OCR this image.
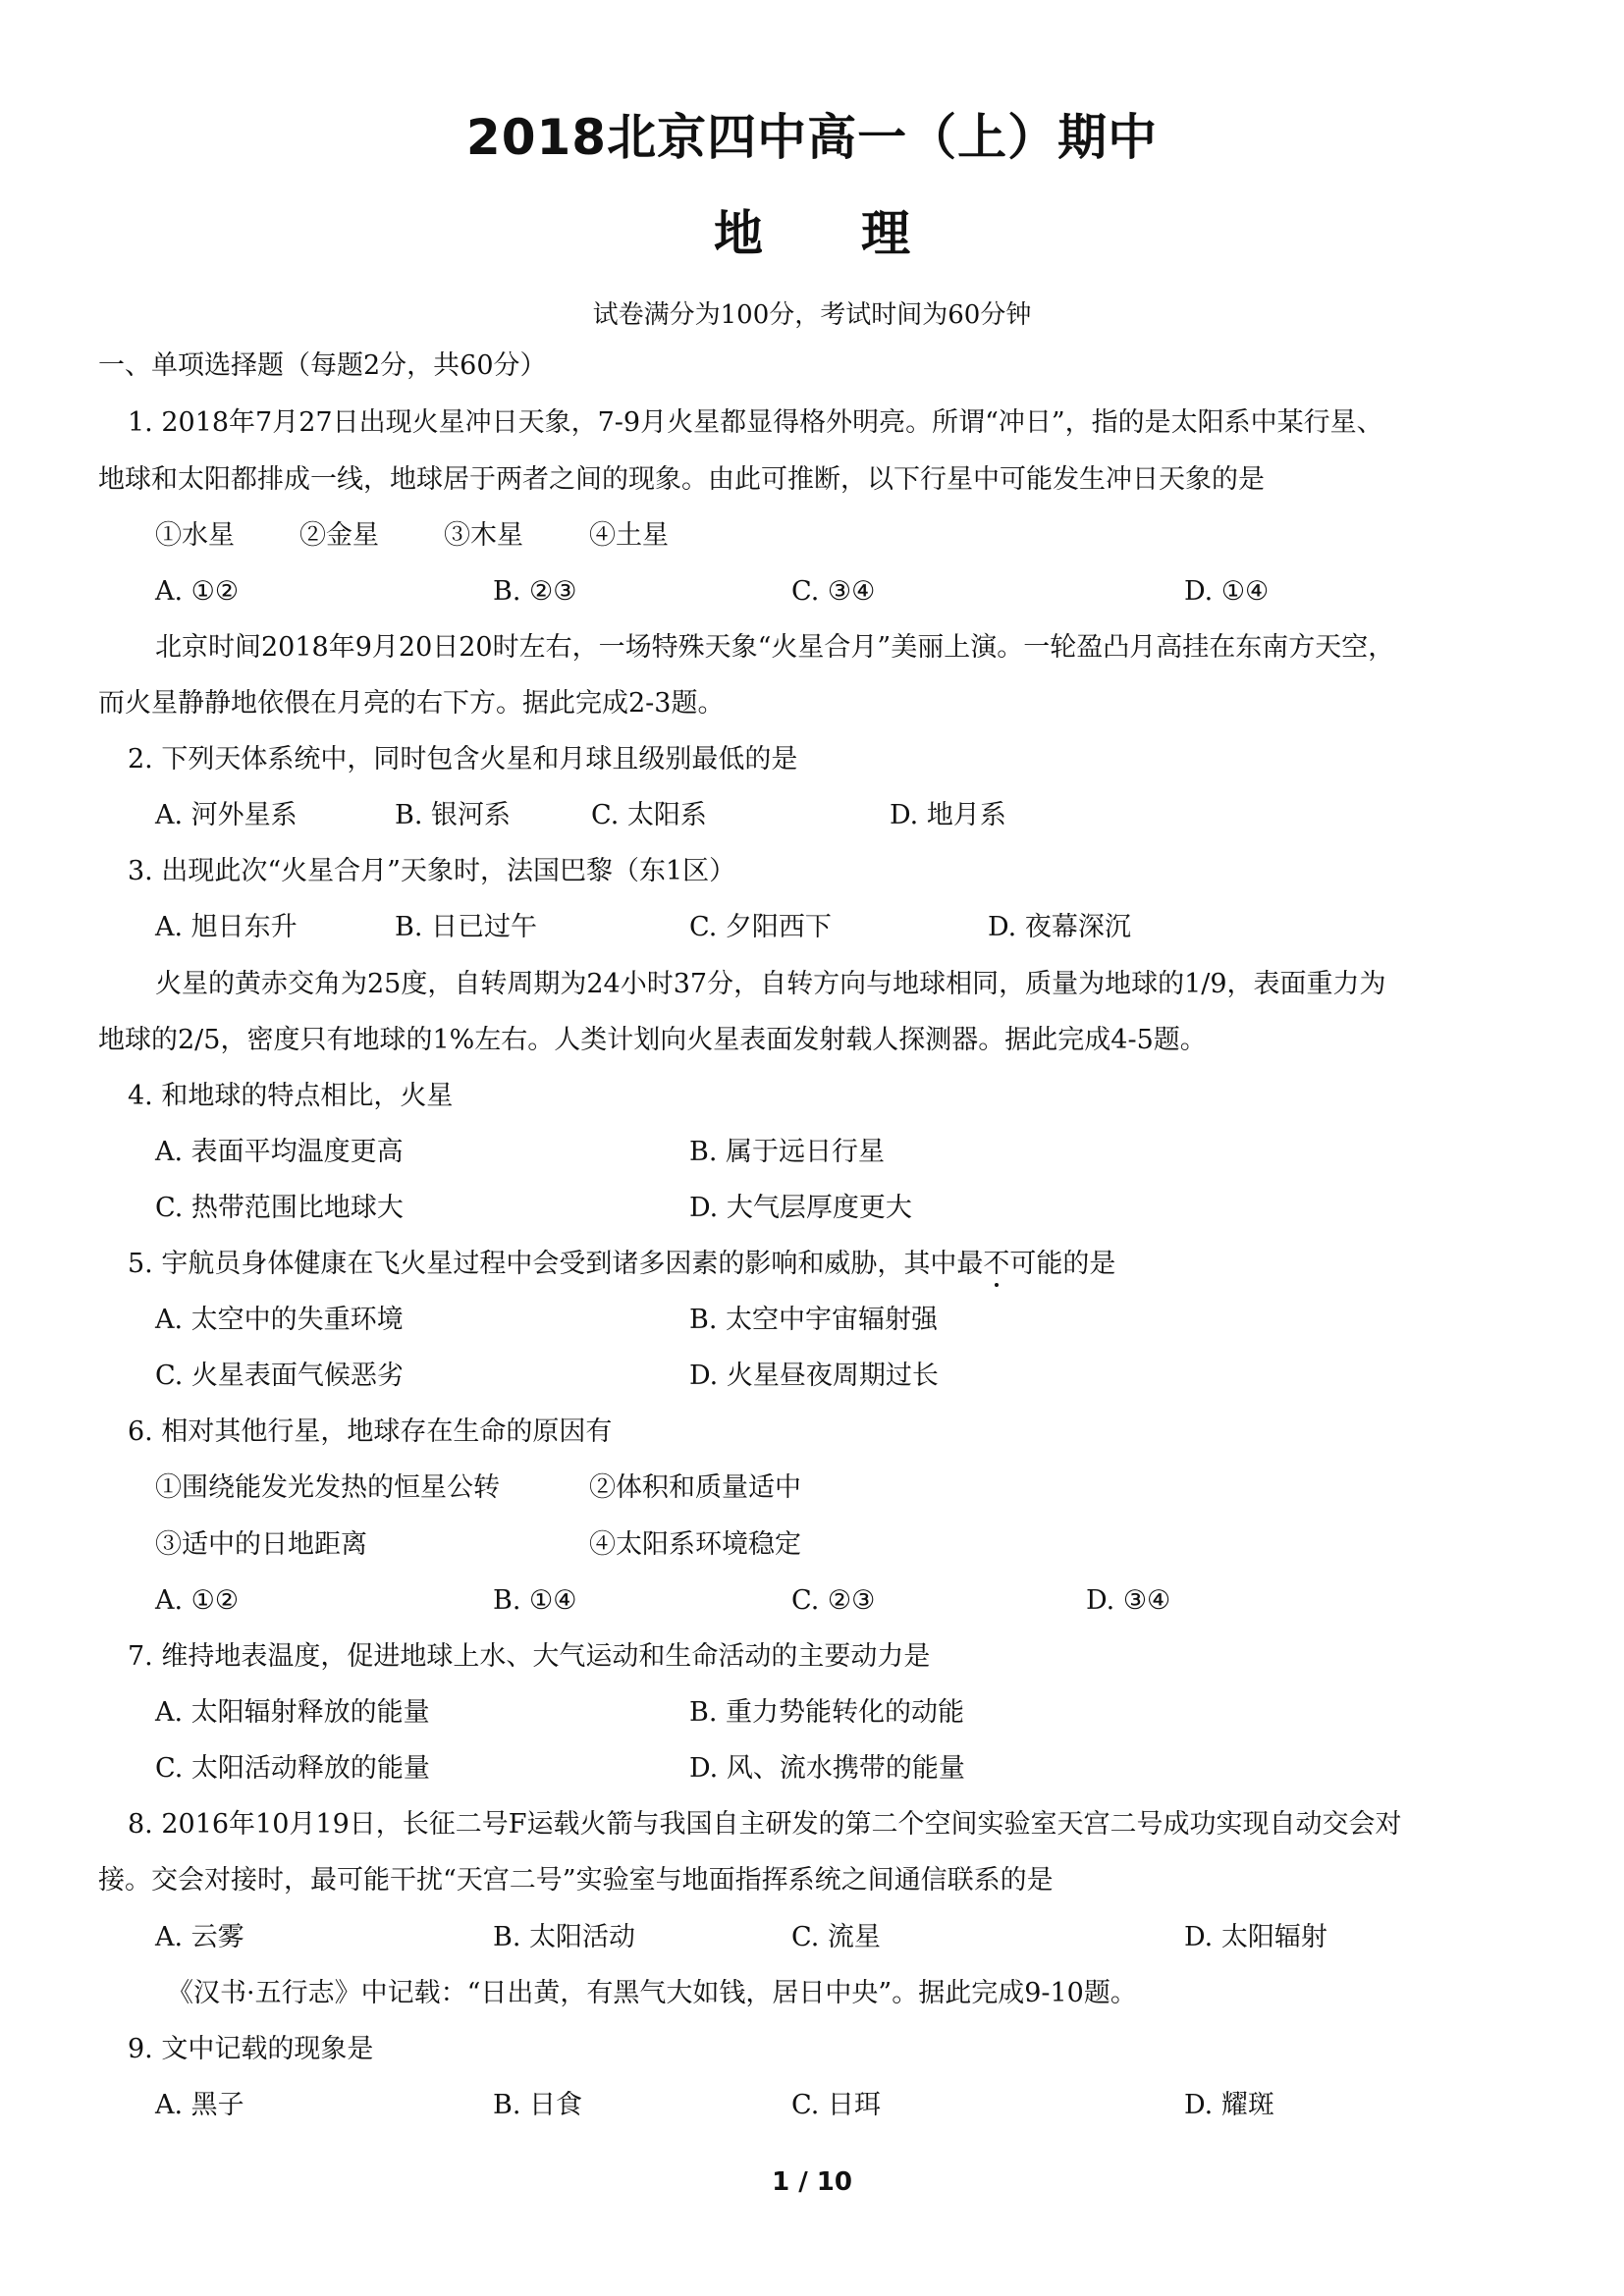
2018北京四中高一（上）期中
地 理
试卷满分为100分，考试时间为60分钟
一、单项选择题（每题2分，共60分）
1. 2018年7月27日出现火星冲日天象，7-9月火星都显得格外明亮。所谓“冲日”，指的是太阳系中某行星、
地球和太阳都排成一线，地球居于两者之间的现象。由此可推断，以下行星中可能发生冲日天象的是
①水星 ②金星 ③木星 ④土星
A. ①②	B. ②③	C. ③④	D. ①④
北京时间2018年9月20日20时左右，一场特殊天象“火星合月”美丽上演。一轮盈凸月高挂在东南方天空，
而火星静静地依偎在月亮的右下方。据此完成2-3题。
2. 下列天体系统中，同时包含火星和月球且级别最低的是
A. 河外星系	B. 银河系	C. 太阳系	D. 地月系
3. 出现此次“火星合月”天象时，法国巴黎（东1区）
A. 旭日东升	B. 日已过午	C. 夕阳西下	D. 夜幕深沉
火星的黄赤交角为25度，自转周期为24小时37分，自转方向与地球相同，质量为地球的1/9，表面重力为
地球的2/5，密度只有地球的1%左右。人类计划向火星表面发射载人探测器。据此完成4-5题。
4. 和地球的特点相比，火星
A. 表面平均温度更高	B. 属于远日行星
C. 热带范围比地球大	D. 大气层厚度更大
5. 宇航员身体健康在飞火星过程中会受到诸多因素的影响和威胁，其中最不可能的是
A. 太空中的失重环境	B. 太空中宇宙辐射强
C. 火星表面气候恶劣	D. 火星昼夜周期过长
6. 相对其他行星，地球存在生命的原因有
①围绕能发光发热的恒星公转	②体积和质量适中
③适中的日地距离	④太阳系环境稳定
A. ①②	B. ①④	C. ②③	D. ③④
7. 维持地表温度，促进地球上水、大气运动和生命活动的主要动力是
A. 太阳辐射释放的能量	B. 重力势能转化的动能
C. 太阳活动释放的能量	D. 风、流水携带的能量
8. 2016年10月19日，长征二号F运载火箭与我国自主研发的第二个空间实验室天宫二号成功实现自动交会对
接。交会对接时，最可能干扰“天宫二号”实验室与地面指挥系统之间通信联系的是
A. 云雾	B. 太阳活动	C. 流星	D. 太阳辐射
《汉书·五行志》中记载：“日出黄，有黑气大如钱，居日中央”。据此完成9-10题。
9. 文中记载的现象是
A. 黑子	B. 日食	C. 日珥	D. 耀斑
1 / 10
